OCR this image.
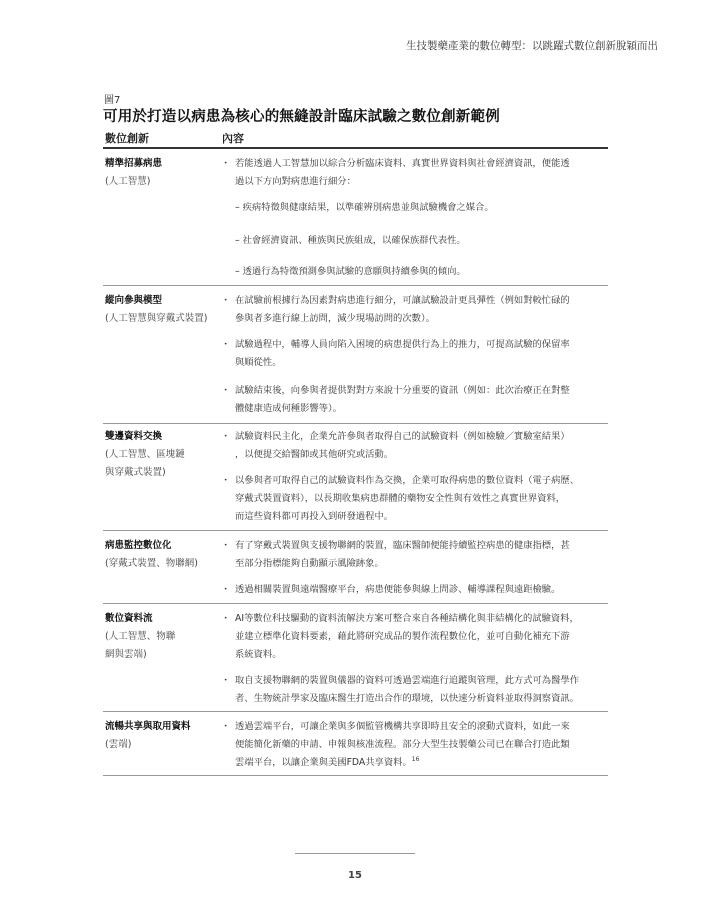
生技製藥產業的數位轉型：以跳躍式數位創新脫穎而出
圖7
可用於打造以病患為核心的無縫設計臨床試驗之數位創新範例
數位創新	內容
精準招募病患
(人工智慧)
・ 若能透過人工智慧加以綜合分析臨床資料、真實世界資料與社會經濟資訊，便能透
過以下方向對病患進行細分：
– 疾病特徵與健康結果，以準確辨別病患並與試驗機會之媒合。
– 社會經濟資訊、種族與民族組成，以確保族群代表性。
– 透過行為特徵預測參與試驗的意願與持續參與的傾向。
縱向參與模型
(人工智慧與穿戴式裝置)
・ 在試驗前根據行為因素對病患進行細分，可讓試驗設計更具彈性（例如對較忙碌的
參與者多進行線上訪問，減少現場訪問的次數）。
・ 試驗過程中，輔導人員向陷入困境的病患提供行為上的推力，可提高試驗的保留率
與順從性。
・ 試驗結束後，向參與者提供對對方來說十分重要的資訊（例如：此次治療正在對整
體健康造成何種影響等）。
雙邊資料交換
(人工智慧、區塊鏈
與穿戴式裝置)
・ 試驗資料民主化，企業允許參與者取得自己的試驗資料（例如檢驗／實驗室結果）
，以便提交給醫師或其他研究或活動。
・ 以參與者可取得自己的試驗資料作為交換，企業可取得病患的數位資料（電子病歷、
穿戴式裝置資料），以長期收集病患群體的藥物安全性與有效性之真實世界資料，
而這些資料都可再投入到研發過程中。
病患監控數位化
(穿戴式裝置、物聯網)
・ 有了穿戴式裝置與支援物聯網的裝置，臨床醫師便能持續監控病患的健康指標，甚
至部分指標能夠自動顯示風險跡象。
・ 透過相關裝置與遠端醫療平台，病患便能參與線上問診、輔導課程與遠距檢驗。
數位資料流
(人工智慧、物聯
網與雲端)
・ AI等數位科技驅動的資料流解決方案可整合來自各種結構化與非結構化的試驗資料，
並建立標準化資料要素，藉此將研究成品的製作流程數位化，並可自動化補充下游
系統資料。
・ 取自支援物聯網的裝置與儀器的資料可透過雲端進行追蹤與管理，此方式可為醫學作
者、生物統計學家及臨床醫生打造出合作的環境，以快速分析資料並取得洞察資訊。
流暢共享與取用資料
(雲端)
・ 透過雲端平台，可讓企業與多個監管機構共享即時且安全的滾動式資料，如此一來
便能簡化新藥的申請、申報與核准流程。部分大型生技製藥公司已在聯合打造此類
雲端平台，以讓企業與美國FDA共享資料。$^{16}$
15
